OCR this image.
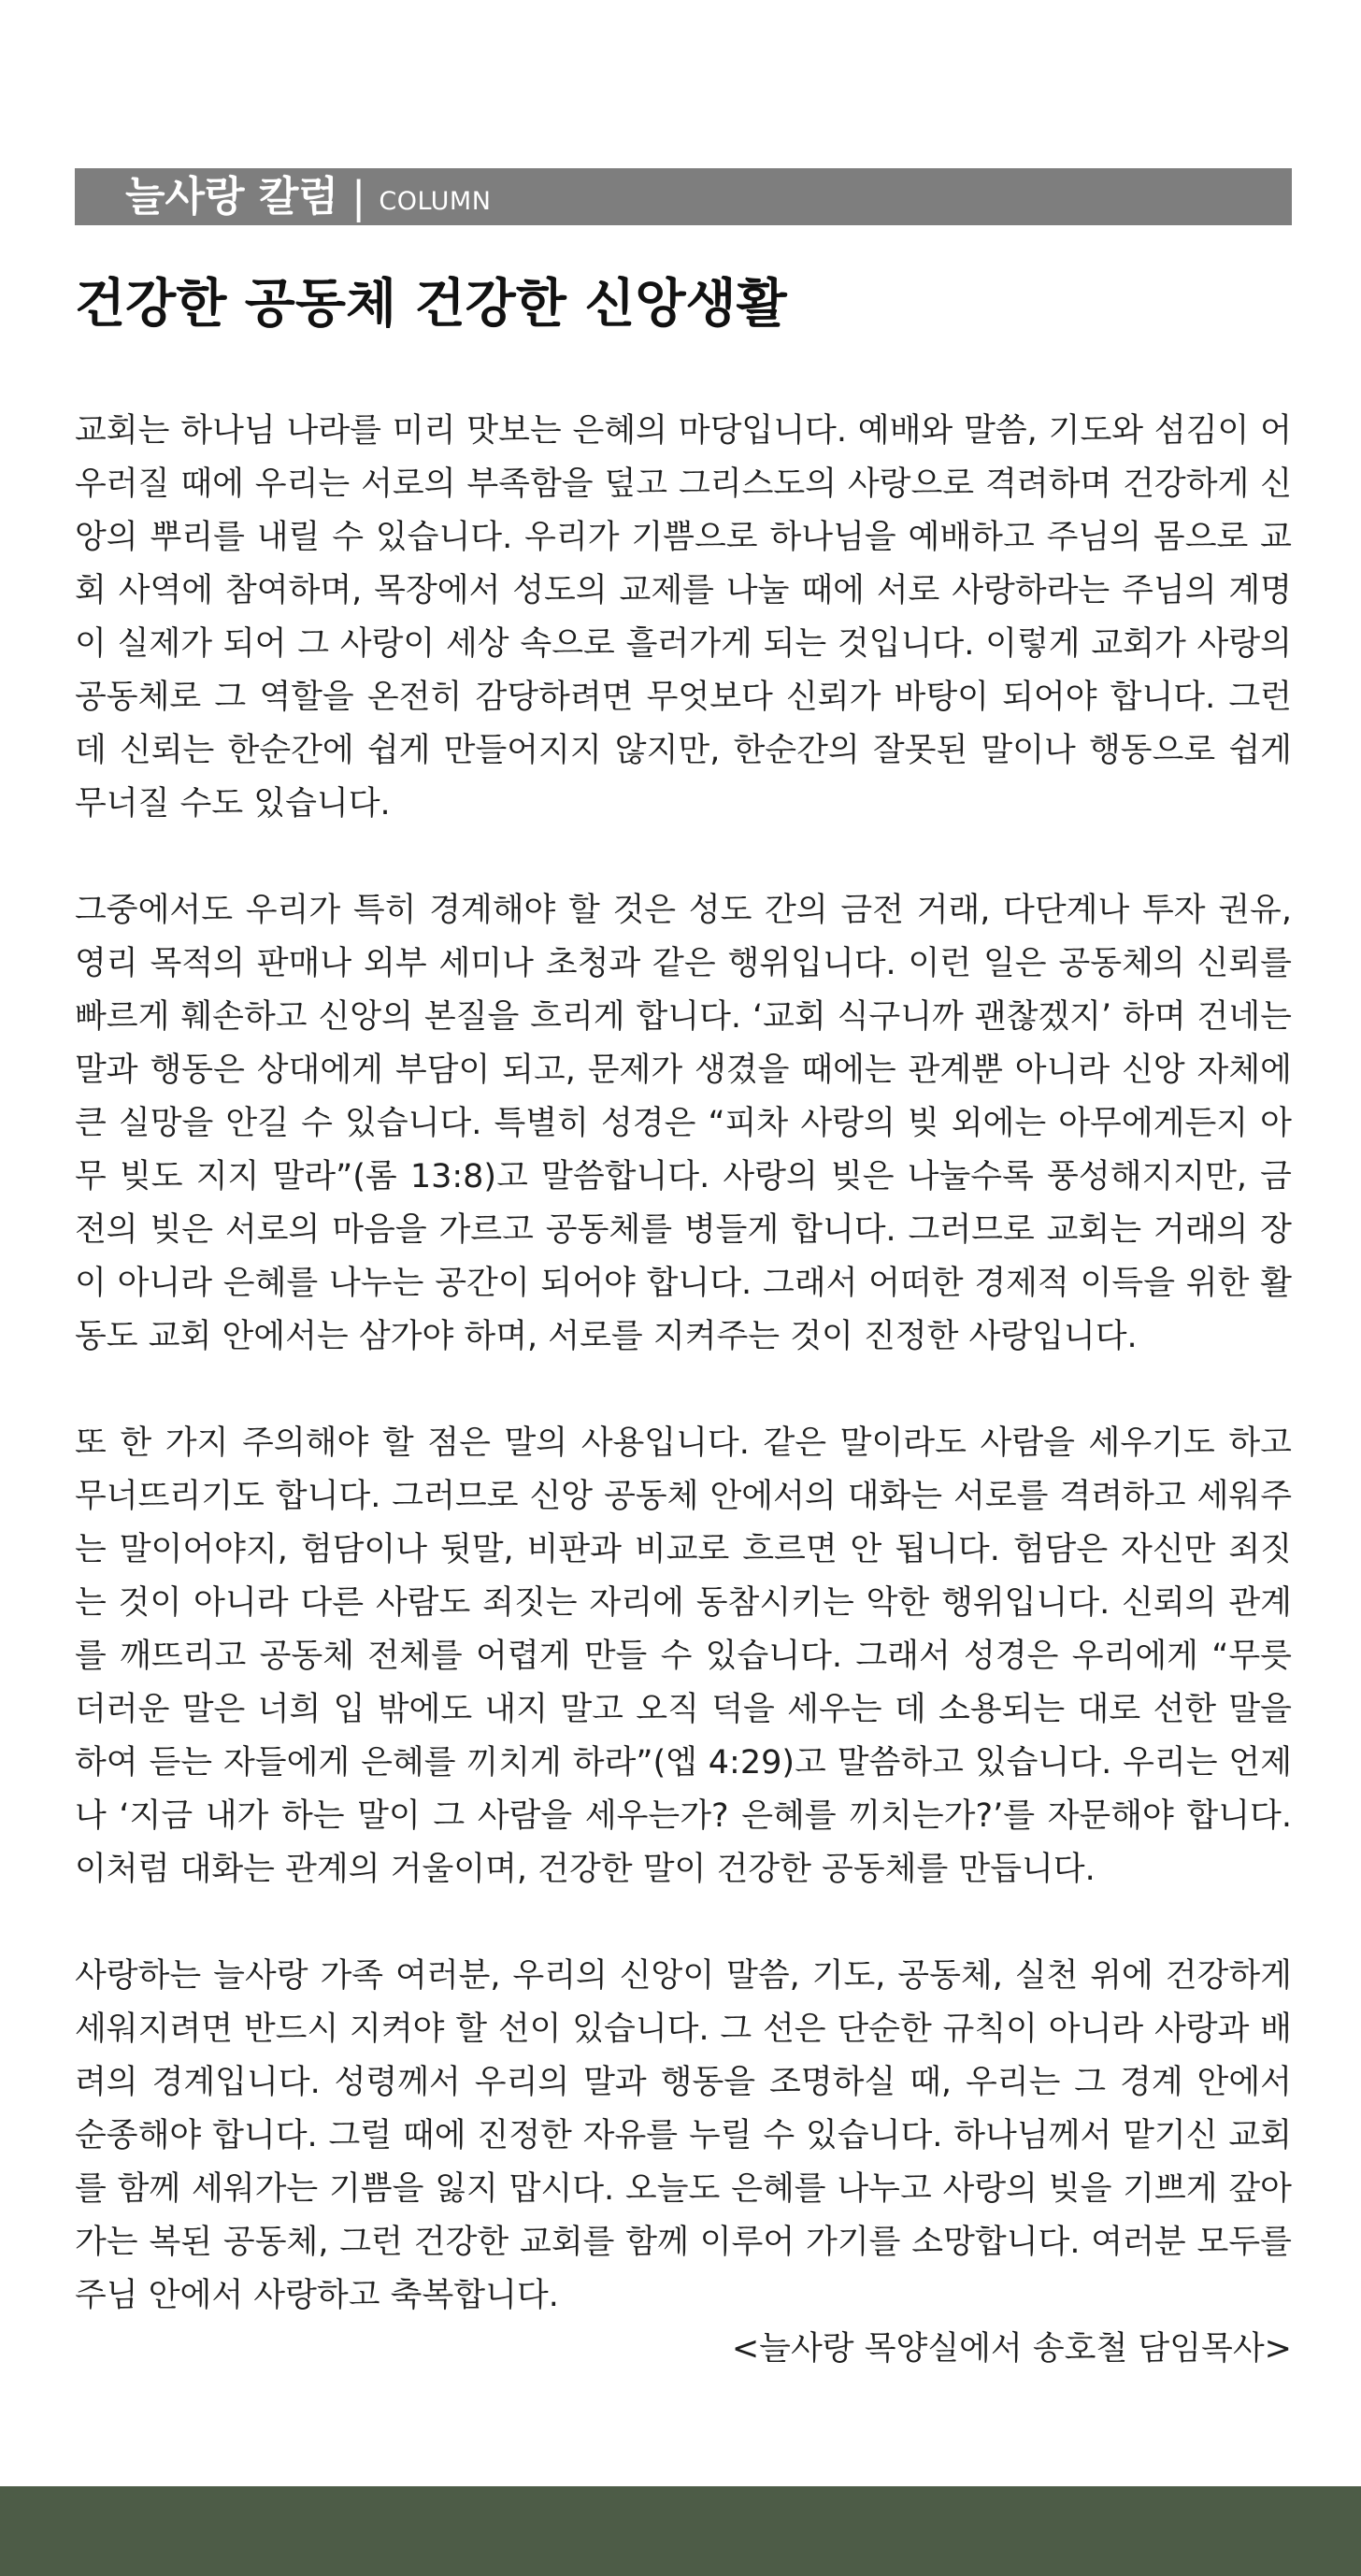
늘사랑 칼럼 | COLUMN
건강한 공동체 건강한 신앙생활

교회는 하나님 나라를 미리 맛보는 은혜의 마당입니다. 예배와 말씀, 기도와 섬김이 어우러질 때에 우리는 서로의 부족함을 덮고 그리스도의 사랑으로 격려하며 건강하게 신앙의 뿌리를 내릴 수 있습니다. 우리가 기쁨으로 하나님을 예배하고 주님의 몸으로 교회 사역에 참여하며, 목장에서 성도의 교제를 나눌 때에 서로 사랑하라는 주님의 계명이 실제가 되어 그 사랑이 세상 속으로 흘러가게 되는 것입니다. 이렇게 교회가 사랑의 공동체로 그 역할을 온전히 감당하려면 무엇보다 신뢰가 바탕이 되어야 합니다. 그런데 신뢰는 한순간에 쉽게 만들어지지 않지만, 한순간의 잘못된 말이나 행동으로 쉽게 무너질 수도 있습니다.

그중에서도 우리가 특히 경계해야 할 것은 성도 간의 금전 거래, 다단계나 투자 권유, 영리 목적의 판매나 외부 세미나 초청과 같은 행위입니다. 이런 일은 공동체의 신뢰를 빠르게 훼손하고 신앙의 본질을 흐리게 합니다. ‘교회 식구니까 괜찮겠지’ 하며 건네는 말과 행동은 상대에게 부담이 되고, 문제가 생겼을 때에는 관계뿐 아니라 신앙 자체에 큰 실망을 안길 수 있습니다. 특별히 성경은 “피차 사랑의 빚 외에는 아무에게든지 아무 빚도 지지 말라”(롬 13:8)고 말씀합니다. 사랑의 빚은 나눌수록 풍성해지지만, 금전의 빚은 서로의 마음을 가르고 공동체를 병들게 합니다. 그러므로 교회는 거래의 장이 아니라 은혜를 나누는 공간이 되어야 합니다. 그래서 어떠한 경제적 이득을 위한 활동도 교회 안에서는 삼가야 하며, 서로를 지켜주는 것이 진정한 사랑입니다.

또 한 가지 주의해야 할 점은 말의 사용입니다. 같은 말이라도 사람을 세우기도 하고 무너뜨리기도 합니다. 그러므로 신앙 공동체 안에서의 대화는 서로를 격려하고 세워주는 말이어야지, 험담이나 뒷말, 비판과 비교로 흐르면 안 됩니다. 험담은 자신만 죄짓는 것이 아니라 다른 사람도 죄짓는 자리에 동참시키는 악한 행위입니다. 신뢰의 관계를 깨뜨리고 공동체 전체를 어렵게 만들 수 있습니다. 그래서 성경은 우리에게 “무릇 더러운 말은 너희 입 밖에도 내지 말고 오직 덕을 세우는 데 소용되는 대로 선한 말을 하여 듣는 자들에게 은혜를 끼치게 하라”(엡 4:29)고 말씀하고 있습니다. 우리는 언제나 ‘지금 내가 하는 말이 그 사람을 세우는가? 은혜를 끼치는가?’를 자문해야 합니다. 이처럼 대화는 관계의 거울이며, 건강한 말이 건강한 공동체를 만듭니다.

사랑하는 늘사랑 가족 여러분, 우리의 신앙이 말씀, 기도, 공동체, 실천 위에 건강하게 세워지려면 반드시 지켜야 할 선이 있습니다. 그 선은 단순한 규칙이 아니라 사랑과 배려의 경계입니다. 성령께서 우리의 말과 행동을 조명하실 때, 우리는 그 경계 안에서 순종해야 합니다. 그럴 때에 진정한 자유를 누릴 수 있습니다. 하나님께서 맡기신 교회를 함께 세워가는 기쁨을 잃지 맙시다. 오늘도 은혜를 나누고 사랑의 빚을 기쁘게 갚아가는 복된 공동체, 그런 건강한 교회를 함께 이루어 가기를 소망합니다. 여러분 모두를 주님 안에서 사랑하고 축복합니다.

<늘사랑 목양실에서 송호철 담임목사>
